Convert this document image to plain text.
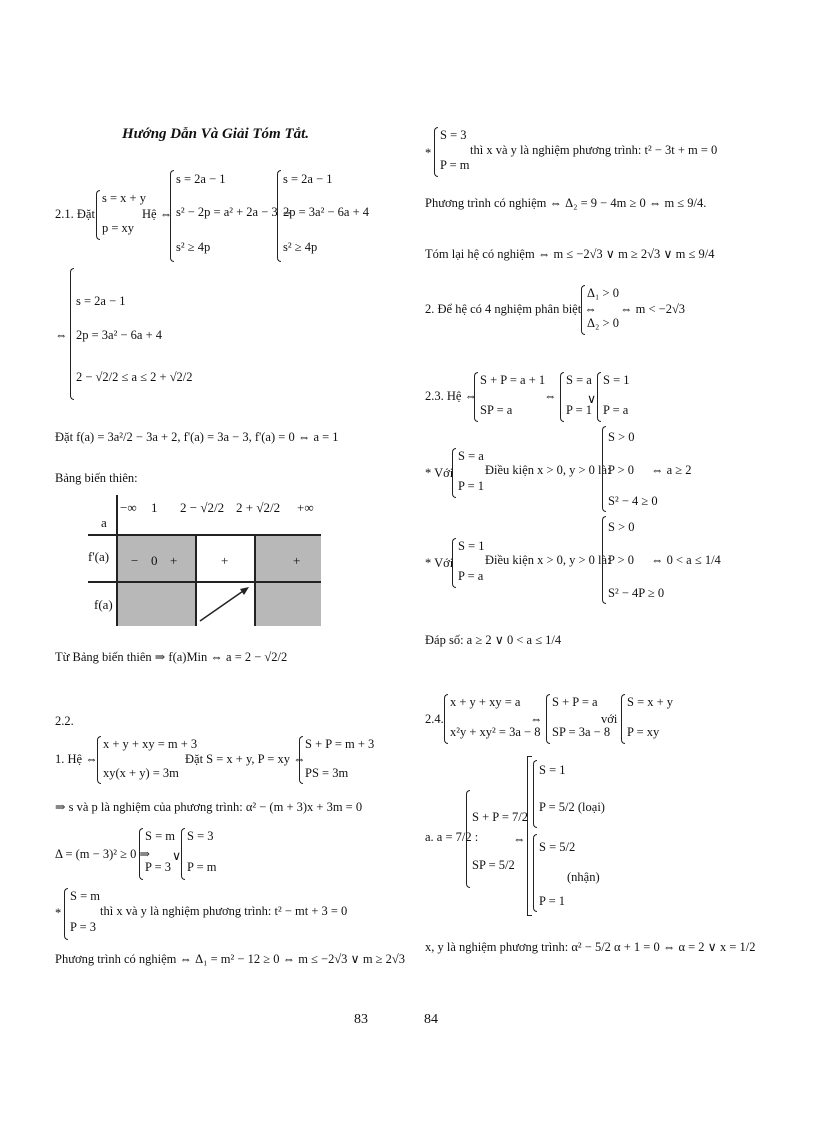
Hướng Dẫn Và Giải Tóm Tắt.
2.1. Đặt
s = x + y
p = xy
Hệ ⇔
s = 2a − 1
s² − 2p = a² + 2a − 3 ⇔
s² ≥ 4p
s = 2a − 1
2p = 3a² − 6a + 4
s² ≥ 4p
⇔
s = 2a − 1
2p = 3a² − 6a + 4
2 − √2/2 ≤ a ≤ 2 + √2/2
Đặt f(a) = 3a²/2 − 3a + 2, f'(a) = 3a − 3, f'(a) = 0 ⇔ a = 1
Bảng biến thiên:
a
f'(a)
f(a)
−∞ 1 2 − √2/2 2 + √2/2 +∞
− 0 +	+	+
Từ Bảng biến thiên ⇒ f(a)Min ⇔ a = 2 − √2/2
2.2.
1. Hệ ⇔
x + y + xy = m + 3
xy(x + y) = 3m
Đặt S = x + y, P = xy ⇔
S + P = m + 3
PS = 3m
⇒ s và p là nghiệm của phương trình: α² − (m + 3)x + 3m = 0
Δ = (m − 3)² ≥ 0 ⇒
S = m
P = 3
∨
S = 3
P = m
*
S = m
P = 3
thì x và y là nghiệm phương trình: t² − mt + 3 = 0
Phương trình có nghiệm ⇔ Δ₁ = m² − 12 ≥ 0 ⇔ m ≤ −2√3 ∨ m ≥ 2√3
83
*
S = 3
P = m
thì x và y là nghiệm phương trình: t² − 3t + m = 0
Phương trình có nghiệm ⇔ Δ₂ = 9 − 4m ≥ 0 ⇔ m ≤ 9/4.
Tóm lại hệ có nghiệm ⇔ m ≤ −2√3 ∨ m ≥ 2√3 ∨ m ≤ 9/4
2. Để hệ có 4 nghiệm phân biệt ⇔
Δ₁ > 0
Δ₂ > 0
⇔ m < −2√3
2.3. Hệ ⇔
S + P = a + 1
SP = a
⇔
S = a
P = 1
∨
S = 1
P = a
* Với
S = a
P = 1
Điều kiện x > 0, y > 0 là:
S > 0
P > 0
S² − 4 ≥ 0
⇔ a ≥ 2
* Với
S = 1
P = a
Điều kiện x > 0, y > 0 là:
S > 0
P > 0
S² − 4P ≥ 0
⇔ 0 < a ≤ 1/4
Đáp số: a ≥ 2 ∨ 0 < a ≤ 1/4
2.4.
x + y + xy = a
x²y + xy² = 3a − 8
⇔
S + P = a
SP = 3a − 8
với
S = x + y
P = xy
a. a = 7/2 :
S + P = 7/2
SP = 5/2
⇔
S = 1
P = 5/2 (loại)
S = 5/2
(nhận)
P = 1
x, y là nghiệm phương trình: α² − 5/2 α + 1 = 0 ⇔ α = 2 ∨ x = 1/2
84
